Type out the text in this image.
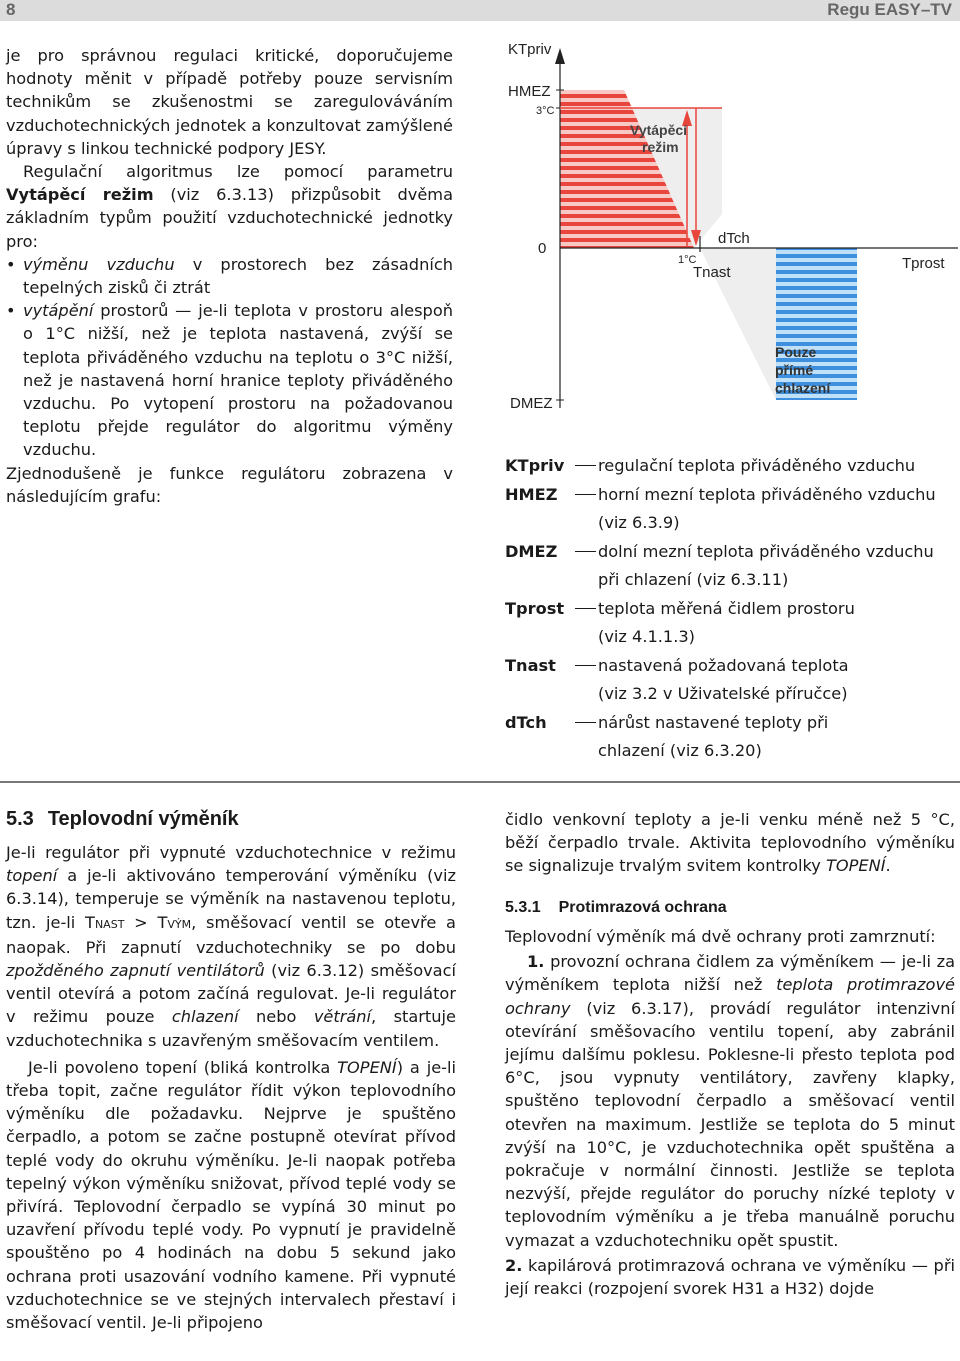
8	Regu EASY–TV

je pro správnou regulaci kritické, doporučujeme hodnoty měnit v případě potřeby pouze servisním technikům se zkušenostmi se zaregulováváním vzduchotechnických jednotek a konzultovat zamýšlené úpravy s linkou technické podpory JESY.

Regulační algoritmus lze pomocí parametru Vytápěcí režim (viz 6.3.13) přizpůsobit dvěma základním typům použití vzduchotechnické jednotky pro:

• výměnu vzduchu v prostorech bez zásadních tepelných zisků či ztrát
• vytápění prostorů — je-li teplota v prostoru alespoň o 1°C nižší, než je teplota nastavená, zvýší se teplota přiváděného vzduchu na teplotu o 3°C nižší, než je nastavená horní hranice teploty přiváděného vzduchu. Po vytopení prostoru na požadovanou teplotu přejde regulátor do algoritmu výměny vzduchu.

Zjednodušeně je funkce regulátoru zobrazena v následujícím grafu:

KTpriv
HMEZ
3°C
0
DMEZ
1°C
dTch
Tnast
Tprost
Vytápěcí režim
Pouze přímé chlazení
KTpriv regulační teplota přiváděného vzduchu
HMEZ	horní mezní teplota přiváděného vzduchu
(viz 6.3.9)
DMEZ	dolní mezní teplota přiváděného vzduchu
při chlazení (viz 6.3.11)
Tprost teplota měřená čidlem prostoru
(viz 4.1.1.3)
Tnast	nastavená požadovaná teplota
(viz 3.2 v Uživatelské příručce)
dTch	nárůst nastavené teploty při
chlazení (viz 6.3.20)
5.3 Teplovodní výměník

Je-li regulátor při vypnuté vzduchotechnice v režimu topení a je-li aktivováno temperování výměníku (viz 6.3.14), temperuje se výměník na nastavenou teplotu, tzn. je-li TNAST > TVÝM, směšovací ventil se otevře a naopak. Při zapnutí vzduchotechniky se po dobu zpožděného zapnutí ventilátorů (viz 6.3.12) směšovací ventil otevírá a potom začíná regulovat. Je-li regulátor v režimu pouze chlazení nebo větrání, startuje vzduchotechnika s uzavřeným směšovacím ventilem.

Je-li povoleno topení (bliká kontrolka TOPENÍ) a je-li třeba topit, začne regulátor řídit výkon teplovodního výměníku dle požadavku. Nejprve je spuštěno čerpadlo, a potom se začne postupně otevírat přívod teplé vody do okruhu výměníku. Je-li naopak potřeba tepelný výkon výměníku snižovat, přívod teplé vody se přivírá. Teplovodní čerpadlo se vypíná 30 minut po uzavření přívodu teplé vody. Po vypnutí je pravidelně spouštěno po 4 hodinách na dobu 5 sekund jako ochrana proti usazování vodního kamene. Při vypnuté vzduchotechnice se ve stejných intervalech přestaví i směšovací ventil. Je-li připojeno

čidlo venkovní teploty a je-li venku méně než 5 °C, běží čerpadlo trvale. Aktivita teplovodního výměníku se signalizuje trvalým svitem kontrolky TOPENÍ.

5.3.1 Protimrazová ochrana

Teplovodní výměník má dvě ochrany proti zamrznutí:

1. provozní ochrana čidlem za výměníkem — je-li za výměníkem teplota nižší než teplota protimrazové ochrany (viz 6.3.17), provádí regulátor intenzivní otevírání směšovacího ventilu topení, aby zabránil jejímu dalšímu poklesu. Poklesne-li přesto teplota pod 6°C, jsou vypnuty ventilátory, zavřeny klapky, spuštěno teplovodní čerpadlo a směšovací ventil otevřen na maximum. Jestliže se teplota do 5 minut zvýší na 10°C, je vzduchotechnika opět spuštěna a pokračuje v normální činnosti. Jestliže se teplota nezvýší, přejde regulátor do poruchy nízké teploty v teplovodním výměníku a je třeba manuálně poruchu vymazat a vzduchotechniku opět spustit.

2. kapilárová protimrazová ochrana ve výměníku — při její reakci (rozpojení svorek H31 a H32) dojde
